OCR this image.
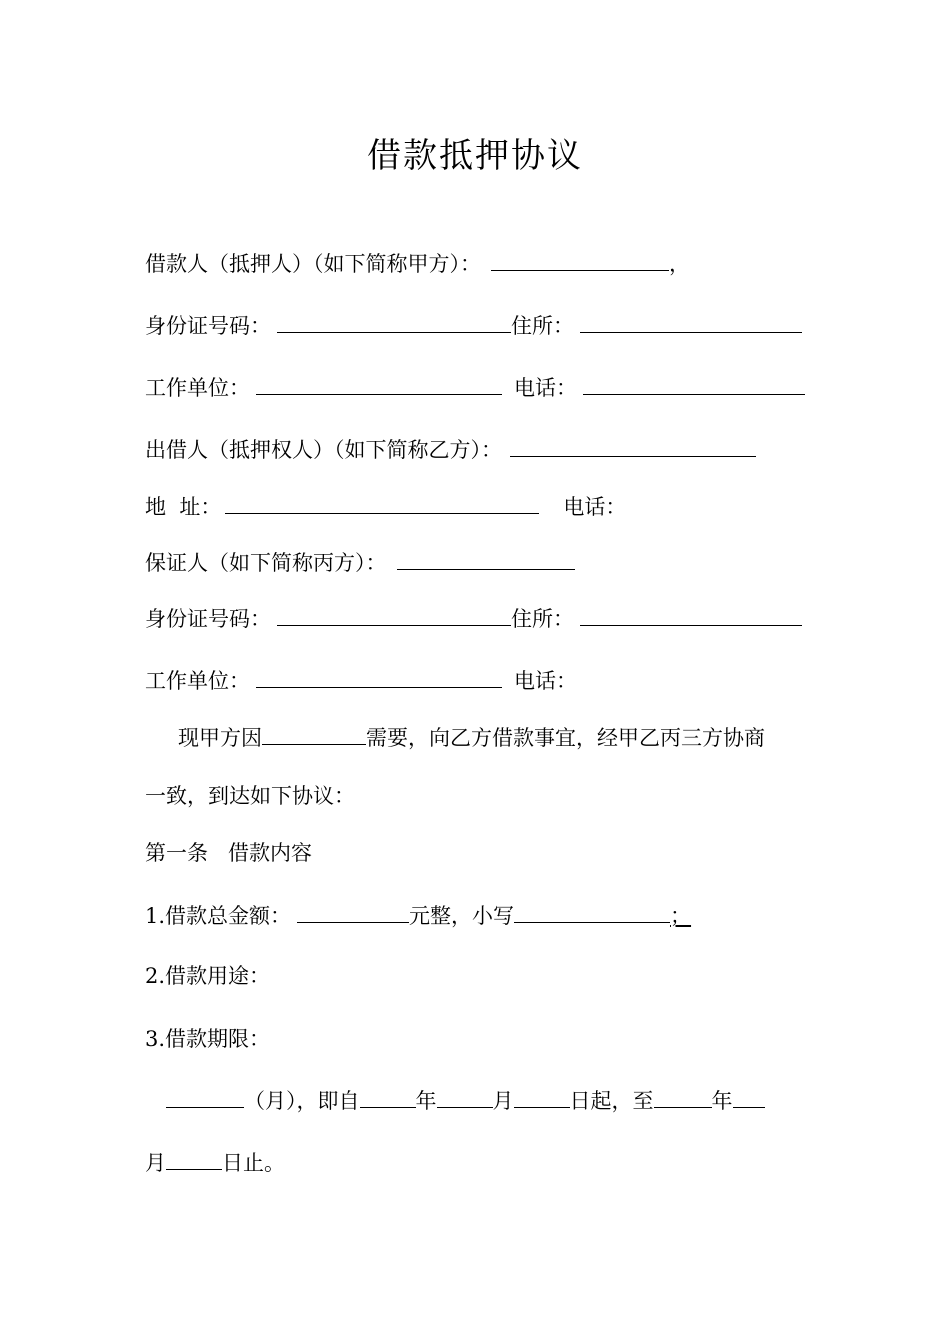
借款抵押协议
借款人（抵押人）（如下简称甲方）：	，
身份证号码：	住所：
工作单位：	电话：
出借人（抵押权人）（如下简称乙方）：
地  址：	电话：
保证人（如下简称丙方）：
身份证号码：	住所：
工作单位：	电话：
现甲方因	需要，向乙方借款事宜，经甲乙丙三方协商
一致，到达如下协议：
第一条   借款内容
1.借款总金额：	元整，小写	；
2.借款用途：
3.借款期限：
（月），即自	年	月	日起，至	年
月	日止。
